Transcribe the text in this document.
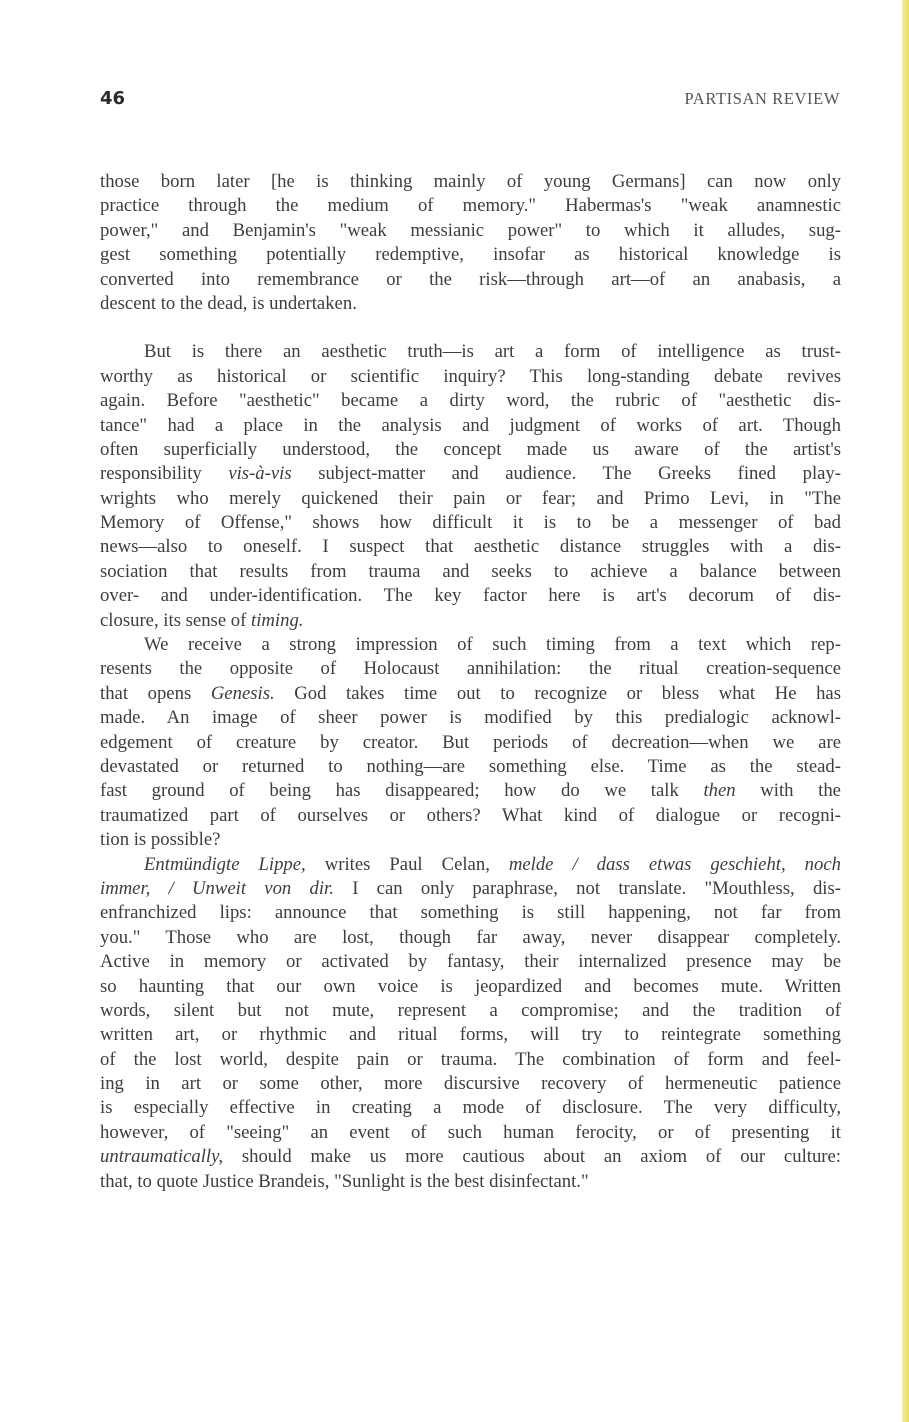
46	PARTISAN REVIEW
those born later [he is thinking mainly of young Germans] can now only
practice through the medium of memory." Habermas's "weak anamnestic
power," and Benjamin's "weak messianic power" to which it alludes, sug-
gest something potentially redemptive, insofar as historical knowledge is
converted into remembrance or the risk—through art—of an anabasis, a
descent to the dead, is undertaken.
But is there an aesthetic truth—is art a form of intelligence as trust-
worthy as historical or scientific inquiry? This long-standing debate revives
again. Before "aesthetic" became a dirty word, the rubric of "aesthetic dis-
tance" had a place in the analysis and judgment of works of art. Though
often superficially understood, the concept made us aware of the artist's
responsibility vis-à-vis subject-matter and audience. The Greeks fined play-
wrights who merely quickened their pain or fear; and Primo Levi, in "The
Memory of Offense," shows how difficult it is to be a messenger of bad
news—also to oneself. I suspect that aesthetic distance struggles with a dis-
sociation that results from trauma and seeks to achieve a balance between
over- and under-identification. The key factor here is art's decorum of dis-
closure, its sense of timing.
We receive a strong impression of such timing from a text which rep-
resents the opposite of Holocaust annihilation: the ritual creation-sequence
that opens Genesis. God takes time out to recognize or bless what He has
made. An image of sheer power is modified by this predialogic acknowl-
edgement of creature by creator. But periods of decreation—when we are
devastated or returned to nothing—are something else. Time as the stead-
fast ground of being has disappeared; how do we talk then with the
traumatized part of ourselves or others? What kind of dialogue or recogni-
tion is possible?
Entmündigte Lippe, writes Paul Celan, melde / dass etwas geschieht, noch
immer, / Unweit von dir. I can only paraphrase, not translate. "Mouthless, dis-
enfranchized lips: announce that something is still happening, not far from
you." Those who are lost, though far away, never disappear completely.
Active in memory or activated by fantasy, their internalized presence may be
so haunting that our own voice is jeopardized and becomes mute. Written
words, silent but not mute, represent a compromise; and the tradition of
written art, or rhythmic and ritual forms, will try to reintegrate something
of the lost world, despite pain or trauma. The combination of form and feel-
ing in art or some other, more discursive recovery of hermeneutic patience
is especially effective in creating a mode of disclosure. The very difficulty,
however, of "seeing" an event of such human ferocity, or of presenting it
untraumatically, should make us more cautious about an axiom of our culture:
that, to quote Justice Brandeis, "Sunlight is the best disinfectant."
